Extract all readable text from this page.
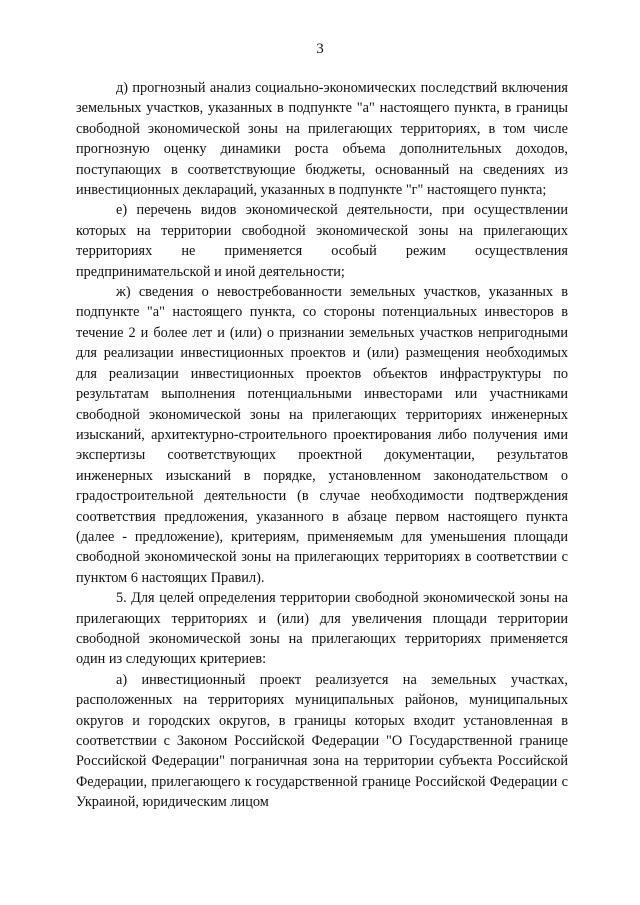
3

д) прогнозный анализ социально-экономических последствий включения земельных участков, указанных в подпункте "а" настоящего пункта, в границы свободной экономической зоны на прилегающих территориях, в том числе прогнозную оценку динамики роста объема дополнительных доходов, поступающих в соответствующие бюджеты, основанный на сведениях из инвестиционных деклараций, указанных в подпункте "г" настоящего пункта;

е) перечень видов экономической деятельности, при осуществлении которых на территории свободной экономической зоны на прилегающих территориях не применяется особый режим осуществления предпринимательской и иной деятельности;

ж) сведения о невостребованности земельных участков, указанных в подпункте "а" настоящего пункта, со стороны потенциальных инвесторов в течение 2 и более лет и (или) о признании земельных участков непригодными для реализации инвестиционных проектов и (или) размещения необходимых для реализации инвестиционных проектов объектов инфраструктуры по результатам выполнения потенциальными инвесторами или участниками свободной экономической зоны на прилегающих территориях инженерных изысканий, архитектурно-строительного проектирования либо получения ими экспертизы соответствующих проектной документации, результатов инженерных изысканий в порядке, установленном законодательством о градостроительной деятельности (в случае необходимости подтверждения соответствия предложения, указанного в абзаце первом настоящего пункта (далее - предложение), критериям, применяемым для уменьшения площади свободной экономической зоны на прилегающих территориях в соответствии с пунктом 6 настоящих Правил).

5. Для целей определения территории свободной экономической зоны на прилегающих территориях и (или) для увеличения площади территории свободной экономической зоны на прилегающих территориях применяется один из следующих критериев:

а) инвестиционный проект реализуется на земельных участках, расположенных на территориях муниципальных районов, муниципальных округов и городских округов, в границы которых входит установленная в соответствии с Законом Российской Федерации "О Государственной границе Российской Федерации" пограничная зона на территории субъекта Российской Федерации, прилегающего к государственной границе Российской Федерации с Украиной, юридическим лицом
